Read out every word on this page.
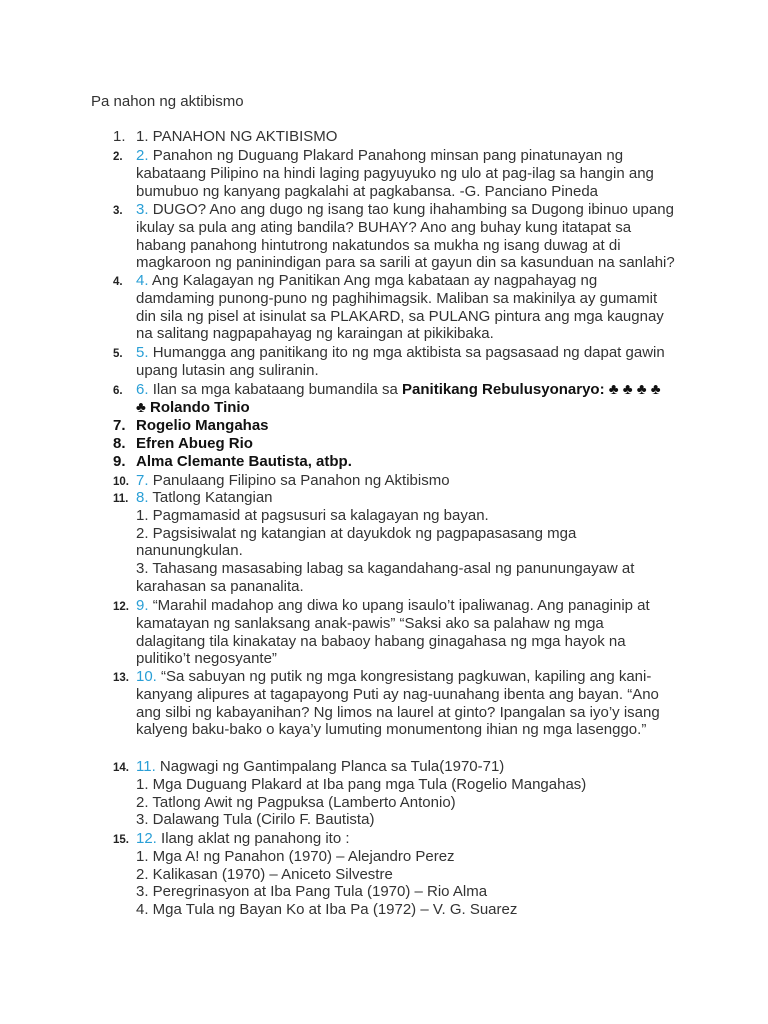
Pa nahon ng aktibismo
1. 1. PANAHON NG AKTIBISMO
2. 2. Panahon ng Duguang Plakard Panahong minsan pang pinatunayan ng
kabataang Pilipino na hindi laging pagyuyuko ng ulo at pag-ilag sa hangin ang
bumubuo ng kanyang pagkalahi at pagkabansa. -G. Panciano Pineda
3. 3. DUGO? Ano ang dugo ng isang tao kung ihahambing sa Dugong ibinuo upang
ikulay sa pula ang ating bandila? BUHAY? Ano ang buhay kung itatapat sa
habang panahong hintutrong nakatundos sa mukha ng isang duwag at di
magkaroon ng paninindigan para sa sarili at gayun din sa kasunduan na sanlahi?
4. 4. Ang Kalagayan ng Panitikan Ang mga kabataan ay nagpahayag ng
damdaming punong-puno ng paghihimagsik. Maliban sa makinilya ay gumamit
din sila ng pisel at isinulat sa PLAKARD, sa PULANG pintura ang mga kaugnay
na salitang nagpapahayag ng karaingan at pikikibaka.
5. 5. Humangga ang panitikang ito ng mga aktibista sa pagsasaad ng dapat gawin
upang lutasin ang suliranin.
6. 6. Ilan sa mga kabataang bumandila sa Panitikang Rebulusyonaryo: ♣ ♣ ♣ ♣
♣ Rolando Tinio
7. Rogelio Mangahas
8. Efren Abueg Rio
9. Alma Clemante Bautista, atbp.
10. 7. Panulaang Filipino sa Panahon ng Aktibismo
11. 8. Tatlong Katangian
1. Pagmamasid at pagsusuri sa kalagayan ng bayan.
2. Pagsisiwalat ng katangian at dayukdok ng pagpapasasang mga
nanunungkulan.
3. Tahasang masasabing labag sa kagandahang-asal ng panunungayaw at
karahasan sa pananalita.
12. 9. “Marahil madahop ang diwa ko upang isaulo’t ipaliwanag. Ang panaginip at
kamatayan ng sanlaksang anak-pawis” “Saksi ako sa palahaw ng mga
dalagitang tila kinakatay na babaoy habang ginagahasa ng mga hayok na
pulitiko’t negosyante”
13. 10. “Sa sabuyan ng putik ng mga kongresistang pagkuwan, kapiling ang kani-
kanyang alipures at tagapayong Puti ay nag-uunahang ibenta ang bayan. “Ano
ang silbi ng kabayanihan? Ng limos na laurel at ginto? Ipangalan sa iyo’y isang
kalyeng baku-bako o kaya’y lumuting monumentong ihian ng mga lasenggo.”
14. 11. Nagwagi ng Gantimpalang Planca sa Tula(1970-71)
1. Mga Duguang Plakard at Iba pang mga Tula (Rogelio Mangahas)
2. Tatlong Awit ng Pagpuksa (Lamberto Antonio)
3. Dalawang Tula (Cirilo F. Bautista)
15. 12. Ilang aklat ng panahong ito :
1. Mga A! ng Panahon (1970) – Alejandro Perez
2. Kalikasan (1970) – Aniceto Silvestre
3. Peregrinasyon at Iba Pang Tula (1970) – Rio Alma
4. Mga Tula ng Bayan Ko at Iba Pa (1972) – V. G. Suarez
